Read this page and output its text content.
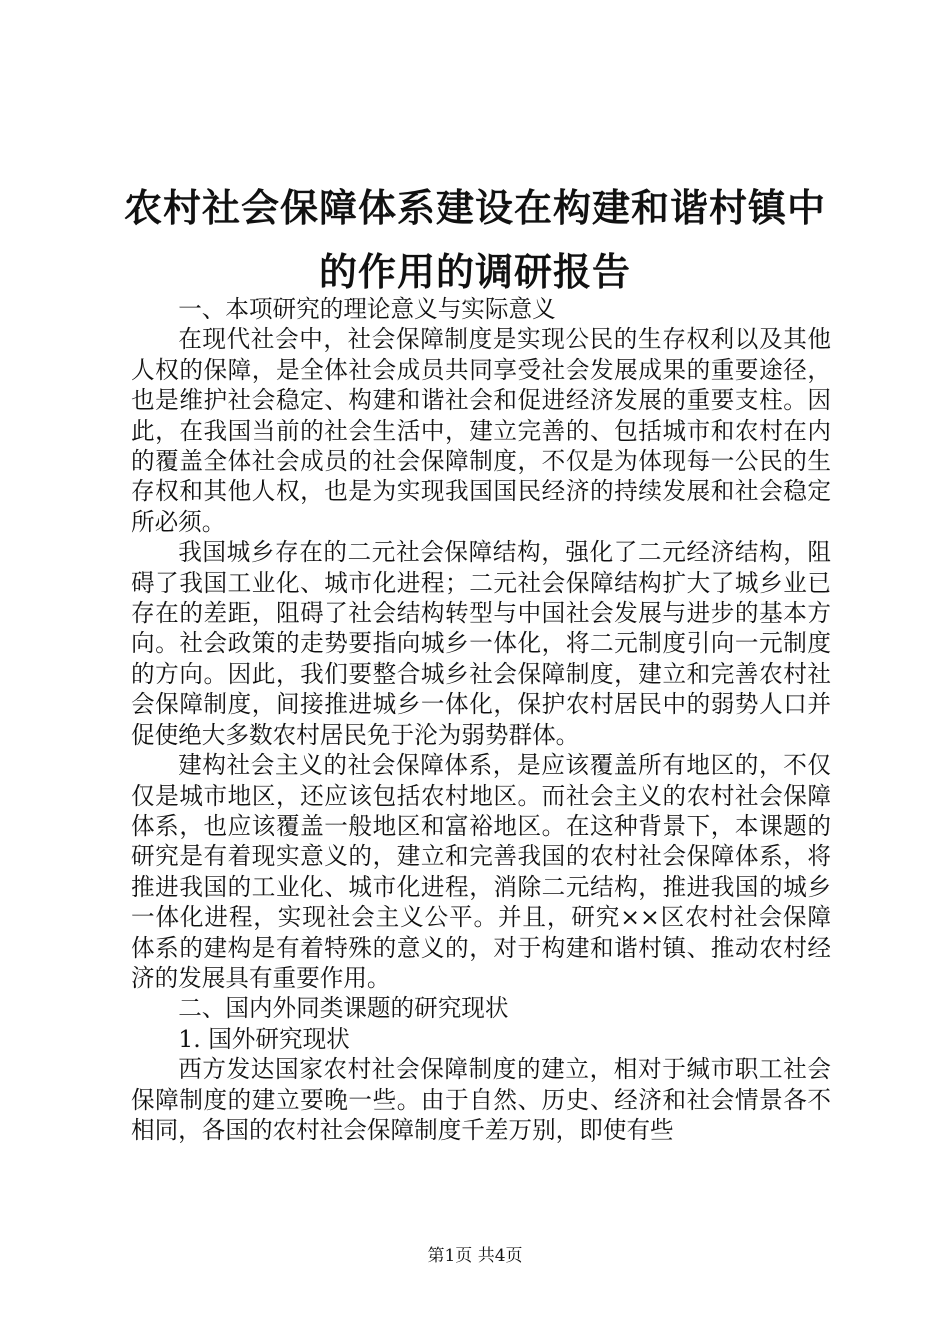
农村社会保障体系建设在构建和谐村镇中的作用的调研报告

一、本项研究的理论意义与实际意义

在现代社会中，社会保障制度是实现公民的生存权利以及其他人权的保障，是全体社会成员共同享受社会发展成果的重要途径，也是维护社会稳定、构建和谐社会和促进经济发展的重要支柱。因此，在我国当前的社会生活中，建立完善的、包括城市和农村在内的覆盖全体社会成员的社会保障制度，不仅是为体现每一公民的生存权和其他人权，也是为实现我国国民经济的持续发展和社会稳定所必须。

我国城乡存在的二元社会保障结构，强化了二元经济结构，阻碍了我国工业化、城市化进程；二元社会保障结构扩大了城乡业已存在的差距，阻碍了社会结构转型与中国社会发展与进步的基本方向。社会政策的走势要指向城乡一体化，将二元制度引向一元制度的方向。因此，我们要整合城乡社会保障制度，建立和完善农村社会保障制度，间接推进城乡一体化，保护农村居民中的弱势人口并促使绝大多数农村居民免于沦为弱势群体。

建构社会主义的社会保障体系，是应该覆盖所有地区的，不仅仅是城市地区，还应该包括农村地区。而社会主义的农村社会保障体系，也应该覆盖一般地区和富裕地区。在这种背景下，本课题的研究是有着现实意义的，建立和完善我国的农村社会保障体系，将推进我国的工业化、城市化进程，消除二元结构，推进我国的城乡一体化进程，实现社会主义公平。并且，研究××区农村社会保障体系的建构是有着特殊的意义的，对于构建和谐村镇、推动农村经济的发展具有重要作用。

二、国内外同类课题的研究现状

1. 国外研究现状

西方发达国家农村社会保障制度的建立，相对于缄市职工社会保障制度的建立要晚一些。由于自然、历史、经济和社会情景各不相同，各国的农村社会保障制度千差万别，即使有些

第1页 共4页
